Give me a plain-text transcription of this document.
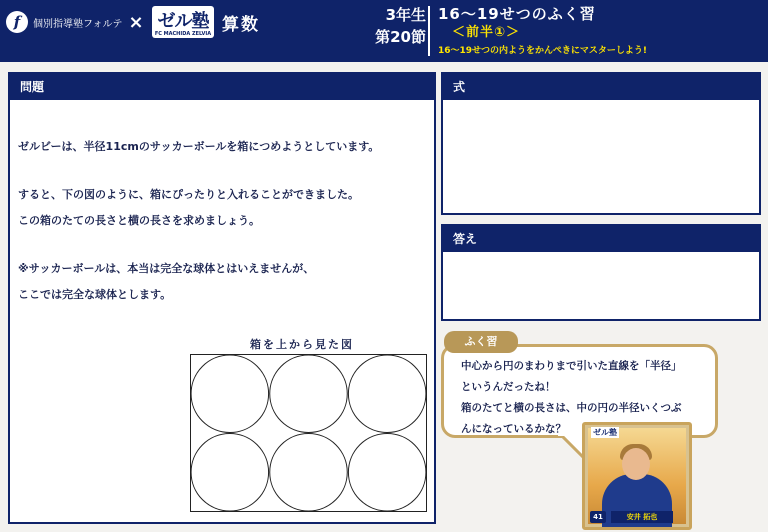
f	個別指導塾フォルテ × ゼル塾
FC MACHIDA ZELVIA 算数	3年生
第20節
16～19せつのふく習
＜前半①＞
16～19せつの内ようをかんぺきにマスターしよう!
問題
ゼルビーは、半径11cmのサッカーボールを箱につめようとしています。
すると、下の図のように、箱にぴったりと入れることができました。
この箱のたての長さと横の長さを求めましょう。
※サッカーボールは、本当は完全な球体とはいえませんが、
ここでは完全な球体とします。
箱を上から見た図
式
答え
ふく習
中心から円のまわりまで引いた直線を「半径」
というんだったね！
箱のたてと横の長さは、中の円の半径いくつぶ
んになっているかな？	ゼル塾
41	安井 拓也
